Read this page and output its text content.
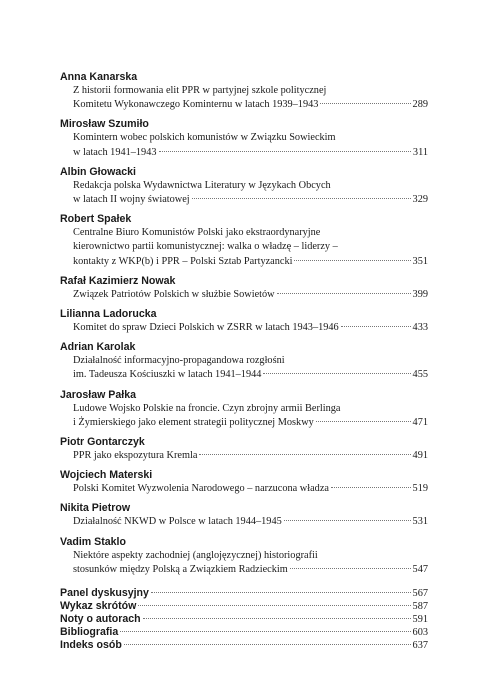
Anna Kanarska
Z historii formowania elit PPR w partyjnej szkole politycznej
Komitetu Wykonawczego Kominternu w latach 1939–1943	289
Mirosław Szumiło
Komintern wobec polskich komunistów w Związku Sowieckim
w latach 1941–1943	311
Albin Głowacki
Redakcja polska Wydawnictwa Literatury w Językach Obcych
w latach II wojny światowej	329
Robert Spałek
Centralne Biuro Komunistów Polski jako ekstraordynaryjne
kierownictwo partii komunistycznej: walka o władzę – liderzy –
kontakty z WKP(b) i PPR – Polski Sztab Partyzancki	351
Rafał Kazimierz Nowak
Związek Patriotów Polskich w służbie Sowietów	399
Lilianna Ladorucka
Komitet do spraw Dzieci Polskich w ZSRR w latach 1943–1946	433
Adrian Karolak
Działalność informacyjno-propagandowa rozgłośni
im. Tadeusza Kościuszki w latach 1941–1944	455
Jarosław Pałka
Ludowe Wojsko Polskie na froncie. Czyn zbrojny armii Berlinga
i Żymierskiego jako element strategii politycznej Moskwy	471
Piotr Gontarczyk
PPR jako ekspozytura Kremla	491
Wojciech Materski
Polski Komitet Wyzwolenia Narodowego – narzucona władza	519
Nikita Pietrow
Działalność NKWD w Polsce w latach 1944–1945	531
Vadim Staklo
Niektóre aspekty zachodniej (anglojęzycznej) historiografii
stosunków między Polską a Związkiem Radzieckim	547
Panel dyskusyjny	567
Wykaz skrótów	587
Noty o autorach	591
Bibliografia	603
Indeks osób	637
